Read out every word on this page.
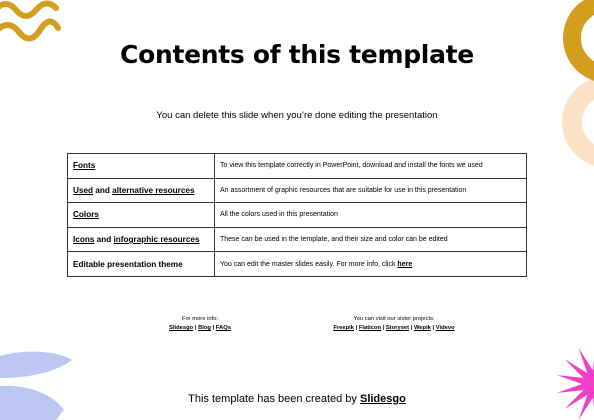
Contents of this template
You can delete this slide when you’re done editing the presentation
Fonts	To view this template correctly in PowerPoint, download and install the fonts we used
Used and alternative resources	An assortment of graphic resources that are suitable for use in this presentation
Colors	All the colors used in this presentation
Icons and infographic resources	These can be used in the template, and their size and color can be edited
Editable presentation theme	You can edit the master slides easily. For more info, click here
For more info:
Slidesgo | Blog | FAQs
You can visit our sister projects:
Freepik | Flaticon | Storyset | Wepik | Videvo
This template has been created by Slidesgo
